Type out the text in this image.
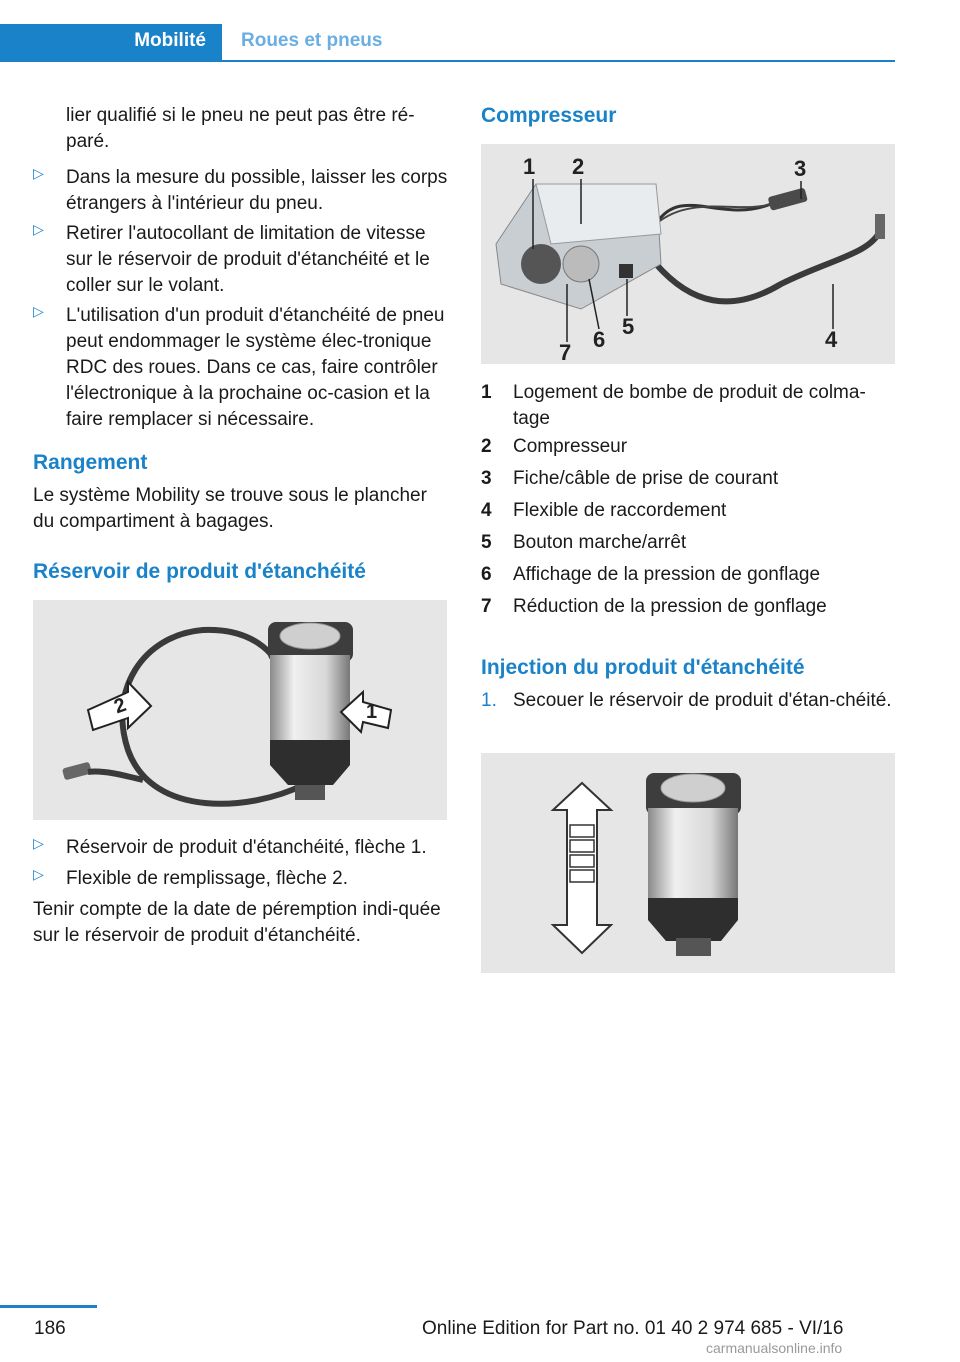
Mobilité Roues et pneus
lier qualifié si le pneu ne peut pas être ré-
paré.
▷ Dans la mesure du possible, laisser les corps étrangers à l'intérieur du pneu.
▷ Retirer l'autocollant de limitation de vitesse sur le réservoir de produit d'étanchéité et le coller sur le volant.
▷ L'utilisation d'un produit d'étanchéité de pneu peut endommager le système élec-tronique RDC des roues. Dans ce cas, faire contrôler l'électronique à la prochaine oc-casion et la faire remplacer si nécessaire.
Rangement
Le système Mobility se trouve sous le plancher du compartiment à bagages.
Réservoir de produit d'étanchéité
2	1
▷ Réservoir de produit d'étanchéité, flèche 1.
▷ Flexible de remplissage, flèche 2.
Tenir compte de la date de péremption indi-quée sur le réservoir de produit d'étanchéité.
Compresseur
1 2	3
4
5
6
7
1 Logement de bombe de produit de colma-tage
2 Compresseur
3 Fiche/câble de prise de courant
4 Flexible de raccordement
5 Bouton marche/arrêt
6 Affichage de la pression de gonflage
7 Réduction de la pression de gonflage
Injection du produit d'étanchéité
1. Secouer le réservoir de produit d'étan-chéité.
186	Online Edition for Part no. 01 40 2 974 685 - VI/16
carmanualsonline.info
